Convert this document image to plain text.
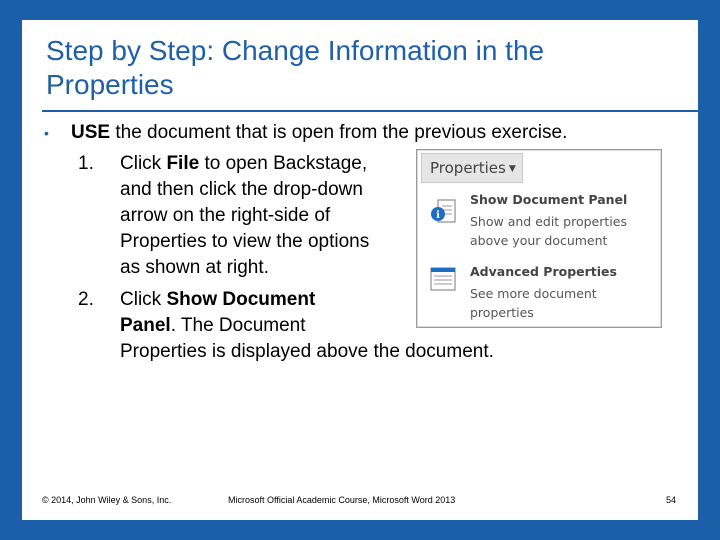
Step by Step: Change Information in the Properties
• USE the document that is open from the previous exercise.
1. Click File to open Backstage,
and then click the drop-down
arrow on the right-side of
Properties to view the options
as shown at right.
2. Click Show Document
Panel. The Document
Properties is displayed above the document.
Properties ▼
i
Show Document Panel
Show and edit properties
above your document
Advanced Properties
See more document
properties
© 2014, John Wiley & Sons, Inc.	Microsoft Official Academic Course, Microsoft Word 2013	54
